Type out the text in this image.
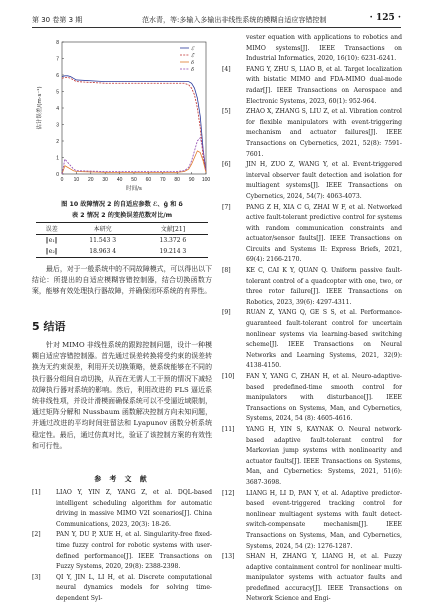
第 30 卷第 3 期	范水青，等:多输入多输出非线性系统的模糊自适应容错控制	· 125 ·
0 10 20 30 40 50 60 70 80 90 100
0
1
2
3
4
5
6
7
8
时间/s
估计误差/(m·s⁻¹)
ℰ
ℰ̂
δ
δ̂
图 10 故障情况 2 的自适应参数 ℰ、ĝ 和 δ
表 2 情况 2 的变换误差范数对比/m
误差	本研究	文献[21]
‖e₁‖	11.543 3	13.372 6
‖e₂‖	18.963 4	19.214 3

最后，对于一般系统中的不同故障模式，可以得出以下结论：所提出的自适应模糊容错控制器，结合切换函数方案，能够有效处理执行器故障，并确保闭环系统的有界性。

5 结语

针对 MIMO 非线性系统的跟踪控制问题，设计一种模糊自适应容错控制器。首先通过误差转换将受约束的误差转换为无约束误差，利用开关切换策略，使系统能够在不同的执行器分组间自动切换，从而在无需人工干预的情况下减轻故障执行器对系统的影响。然后，利用改进的 FLS 逼近系统非线性项，并设计滑模面确保系统可以不受逼近域限制，通过矩阵分解和 Nussbaum 函数解决控制方向未知问题，并通过改进的平均时间驻留法和 Lyapunov 函数分析系统稳定性。最后，通过仿真对比，验证了该控制方案的有效性和可行性。

参 考 文 献

[1]	LIAO Y, YIN Z, YANG Z, et al. DQL-based intelligent scheduling algorithm for automatic driving in massive MIMO V2I scenarios[J]. China Communications, 2023, 20(3): 18-26.

[2]	PAN Y, DU P, XUE H, et al. Singularity-free fixed-time fuzzy control for robotic systems with user-defined performance[J]. IEEE Transactions on Fuzzy Systems, 2020, 29(8): 2388-2398.

[3]	QI Y, JIN L, LI H, et al. Discrete computational neural dynamics models for solving time-dependent Syl-

vester equation with applications to robotics and MIMO systems[J]. IEEE Transactions on Industrial Informatics, 2020, 16(10): 6231-6241.

[4]	FANG Y, ZHU S, LIAO B, et al. Target localization with bistatic MIMO and FDA-MIMO dual-mode radar[J]. IEEE Transactions on Aerospace and Electronic Systems, 2023, 60(1): 952-964.

[5]	ZHAO X, ZHANG S, LIU Z, et al. Vibration control for flexible manipulators with event-triggering mechanism and actuator failures[J]. IEEE Transactions on Cybernetics, 2021, 52(8): 7591-7601.

[6]	JIN H, ZUO Z, WANG Y, et al. Event-triggered interval observer fault detection and isolation for multiagent systems[J]. IEEE Transactions on Cybernetics, 2024, 54(7): 4063-4073.

[7]	PANG Z H, XIA C G, ZHAI W F, et al. Networked active fault-tolerant predictive control for systems with random communication constraints and actuator/sensor faults[J]. IEEE Transactions on Circuits and Systems II: Express Briefs, 2021, 69(4): 2166-2170.

[8]	KE C, CAI K Y, QUAN Q. Uniform passive fault-tolerant control of a quadcopter with one, two, or three rotor failure[J]. IEEE Transactions on Robotics, 2023, 39(6): 4297-4311.

[9]	RUAN Z, YANG Q, GE S S, et al. Performance-guaranteed fault-tolerant control for uncertain nonlinear systems via learning-based switching scheme[J]. IEEE Transactions on Neural Networks and Learning Systems, 2021, 32(9): 4138-4150.

[10] FAN Y, YANG C, ZHAN H, et al. Neuro-adaptive-based predefined-time smooth control for manipulators with disturbance[J]. IEEE Transactions on Systems, Man, and Cybernetics, Systems, 2024, 54 (8): 4605-4616.

[11] YANG H, YIN S, KAYNAK O. Neural network-based adaptive fault-tolerant control for Markovian jump systems with nonlinearity and actuator faults[J]. IEEE Transactions on Systems, Man, and Cybernetics: Systems, 2021, 51(6): 3687-3698.

[12] LIANG H, LI D, PAN Y, et al. Adaptive predictor-based event-triggered tracking control for nonlinear multiagent systems with fault detect-switch-compensate mechanism[J]. IEEE Transactions on Systems, Man, and Cybernetics, Systems, 2024, 54 (2): 1276-1287.

[13] SHAN H, ZHANG Y, LIANG H, et al. Fuzzy adaptive containment control for nonlinear multi-manipulator systems with actuator faults and predefined accuracy[J]. IEEE Transactions on Network Science and Engi-
